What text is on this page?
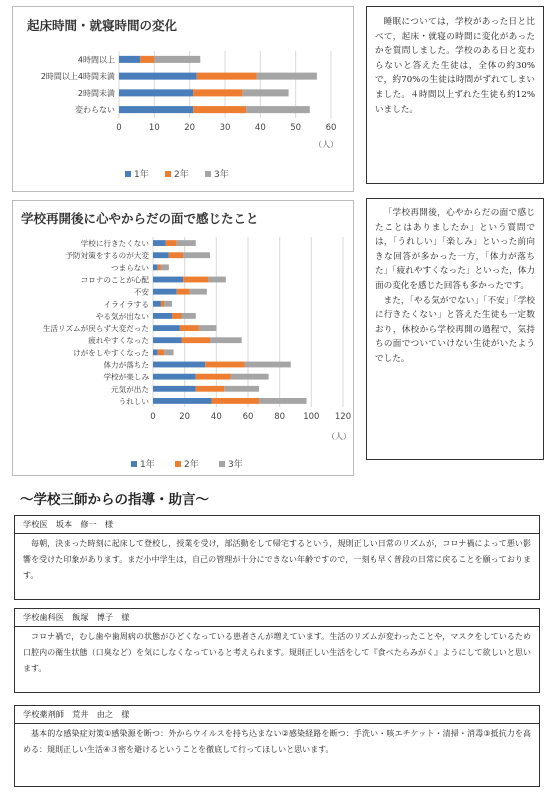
起床時間・就寝時間の変化
0	10	20	30	40	50	60
（人）
4時間以上
2時間以上4時間未満
2時間未満
変わらない
1年	2年	3年
睡眠については，学校があった日と比べて，起床・就寝の時間に変化があったかを質問しました。学校のある日と変わらないと答えた生徒は，全体の約30%で，約70%の生徒は時間がずれてしまいました。４時間以上ずれた生徒も約12%いました。
学校再開後に心やからだの面で感じたこと
0	20 40 60 80 100 120
（人）
学校に行きたくない
予防対策をするのが大変
つまらない
コロナのことが心配
不安
イライラする
やる気が出ない
生活リズムが戻らず大変だった
疲れやすくなった
けがをしやすくなった
体力が落ちた
学校が楽しみ
元気が出た
うれしい
1年	2年	3年
「学校再開後，心やからだの面で感じたことはありましたか」という質問では，「うれしい」「楽しみ」といった前向きな回答が多かった一方，「体力が落ちた」「疲れやすくなった」といった，体力面の変化を感じた回答も多かったです。
また，「やる気がでない」「不安」「学校に行きたくない」と答えた生徒も一定数おり，休校から学校再開の過程で，気持ちの面でついていけない生徒がいたようでした。
～学校三師からの指導・助言～
学校医　坂本　修一　様
毎朝，決まった時刻に起床して登校し，授業を受け，部活動をして帰宅するという，規則正しい日常のリズムが，コロナ禍によって悪い影響を受けた印象があります。まだ小中学生は，自己の管理が十分にできない年齢ですので，一刻も早く普段の日常に戻ることを願っております。
学校歯科医　飯塚　博子　様
コロナ禍で，むし歯や歯周病の状態がひどくなっている患者さんが増えています。生活のリズムが変わったことや，マスクをしているため口腔内の衛生状態（口臭など）を気にしなくなっていると考えられます。規則正しい生活をして『食べたらみがく』ようにして欲しいと思います。
学校薬剤師　荒井　由之　様
基本的な感染症対策①感染源を断つ：外からウイルスを持ち込まない②感染経路を断つ：手洗い・咳エチケット・清掃・消毒③抵抗力を高める：規則正しい生活④３密を避けるということを徹底して行ってほしいと思います。
